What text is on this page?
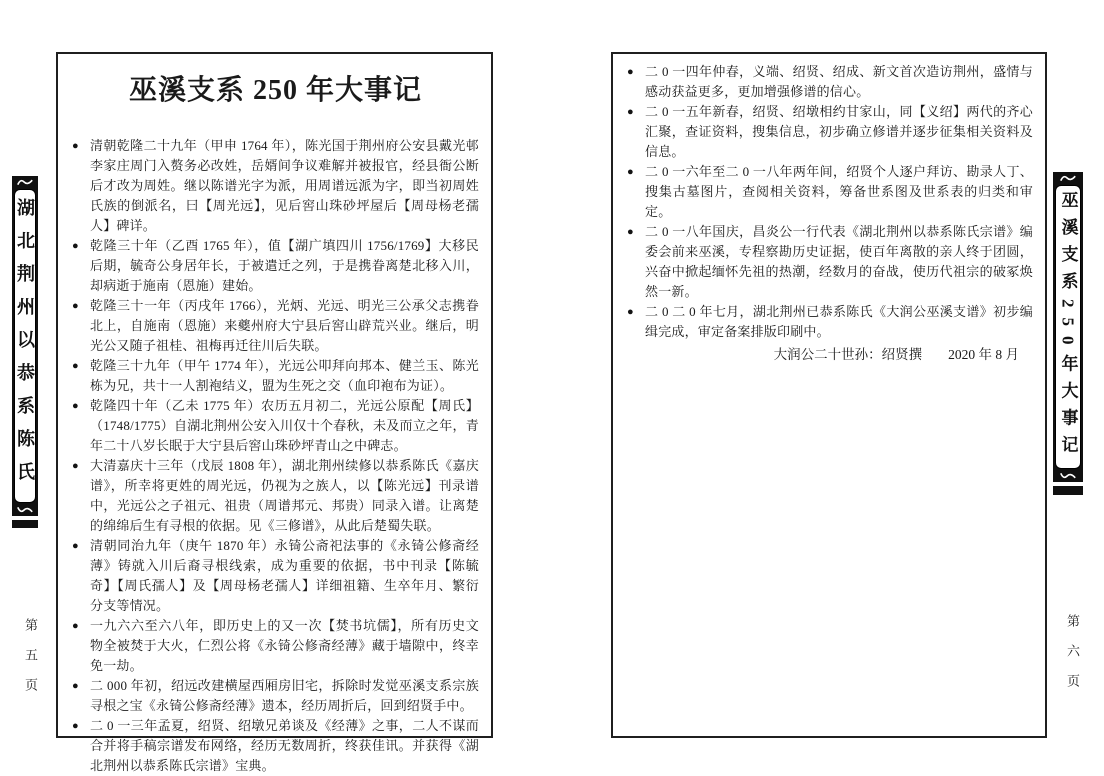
湖北荆州以恭系陈氏
巫溪支系 250 年大事记
● 清朝乾隆二十九年（甲申 1764 年），陈光国于荆州府公安县戴光邨李家庄周门入赘务必改姓，岳婿间争议难解并被报官，经县衙公断后才改为周姓。继以陈谱光字为派，用周谱远派为字，即当初周姓氏族的倒派名，曰【周光远】，见后窖山珠砂坪屋后【周母杨老孺人】碑详。
● 乾隆三十年（乙酉 1765 年），值【湖广填四川 1756/1769】大移民后期，毓奇公身居年长，于被遣迁之列，于是携眷离楚北移入川，却病逝于施南（恩施）建始。
● 乾隆三十一年（丙戌年 1766），光炳、光远、明光三公承父志携眷北上，自施南（恩施）来夔州府大宁县后窖山辟荒兴业。继后，明光公又随子祖桂、祖梅再迁往川后失联。
● 乾隆三十九年（甲午 1774 年），光远公叩拜向邦本、健兰玉、陈光栋为兄，共十一人割袍结义，盟为生死之交（血印袍布为证）。
● 乾隆四十年（乙未 1775 年）农历五月初二，光远公原配【周氏】（1748/1775）自湖北荆州公安入川仅十个春秋，未及而立之年，青年二十八岁长眠于大宁县后窖山珠砂坪青山之中碑志。
● 大清嘉庆十三年（戊辰 1808 年），湖北荆州续修以恭系陈氏《嘉庆谱》，所幸将更姓的周光远，仍视为之族人，以【陈光远】刊录谱中，光远公之子祖元、祖贵（周谱邦元、邦贵）同录入谱。让离楚的绵绵后生有寻根的依据。见《三修谱》，从此后楚蜀失联。
● 清朝同治九年（庚午 1870 年）永锜公斋祀法事的《永锜公修斋经薄》铸就入川后裔寻根线索，成为重要的依据，书中刊录【陈毓奇】【周氏孺人】及【周母杨老孺人】详细祖籍、生卒年月、繁衍分支等情况。
● 一九六六至六八年，即历史上的又一次【焚书坑儒】，所有历史文物全被焚于大火，仁烈公将《永锜公修斋经薄》藏于墙隙中，终幸免一劫。
● 二 000 年初，绍远改建横屋西厢房旧宅，拆除时发觉巫溪支系宗族寻根之宝《永锜公修斋经薄》遗本，经历周折后，回到绍贤手中。
● 二 0 一三年孟夏，绍贤、绍墩兄弟谈及《经薄》之事，二人不谋而合并将手稿宗谱发布网络，经历无数周折，终获佳讯。并获得《湖北荆州以恭系陈氏宗谱》宝典。
● 二 0 一四年仲春，义端、绍贤、绍成、新文首次造访荆州，盛情与感动获益更多，更加增强修谱的信心。
● 二 0 一五年新春，绍贤、绍墩相约甘家山，同【义绍】两代的齐心汇聚，查证资料，搜集信息，初步确立修谱并逐步征集相关资料及信息。
● 二 0 一六年至二 0 一八年两年间，绍贤个人逐户拜访、勘录人丁、搜集古墓图片，查阅相关资料，筹备世系图及世系表的归类和审定。
● 二 0 一八年国庆，昌炎公一行代表《湖北荆州以恭系陈氏宗谱》编委会前来巫溪，专程察勘历史证据，使百年离散的亲人终于团圆，兴奋中掀起缅怀先祖的热潮，经数月的奋战，使历代祖宗的破冢焕然一新。
● 二 0 二 0 年七月，湖北荆州已恭系陈氏《大润公巫溪支谱》初步编缉完成，审定备案排版印刷中。
大润公二十世孙：绍贤撰 2020 年 8 月	巫溪支系250年大事记
第五页	第六页
